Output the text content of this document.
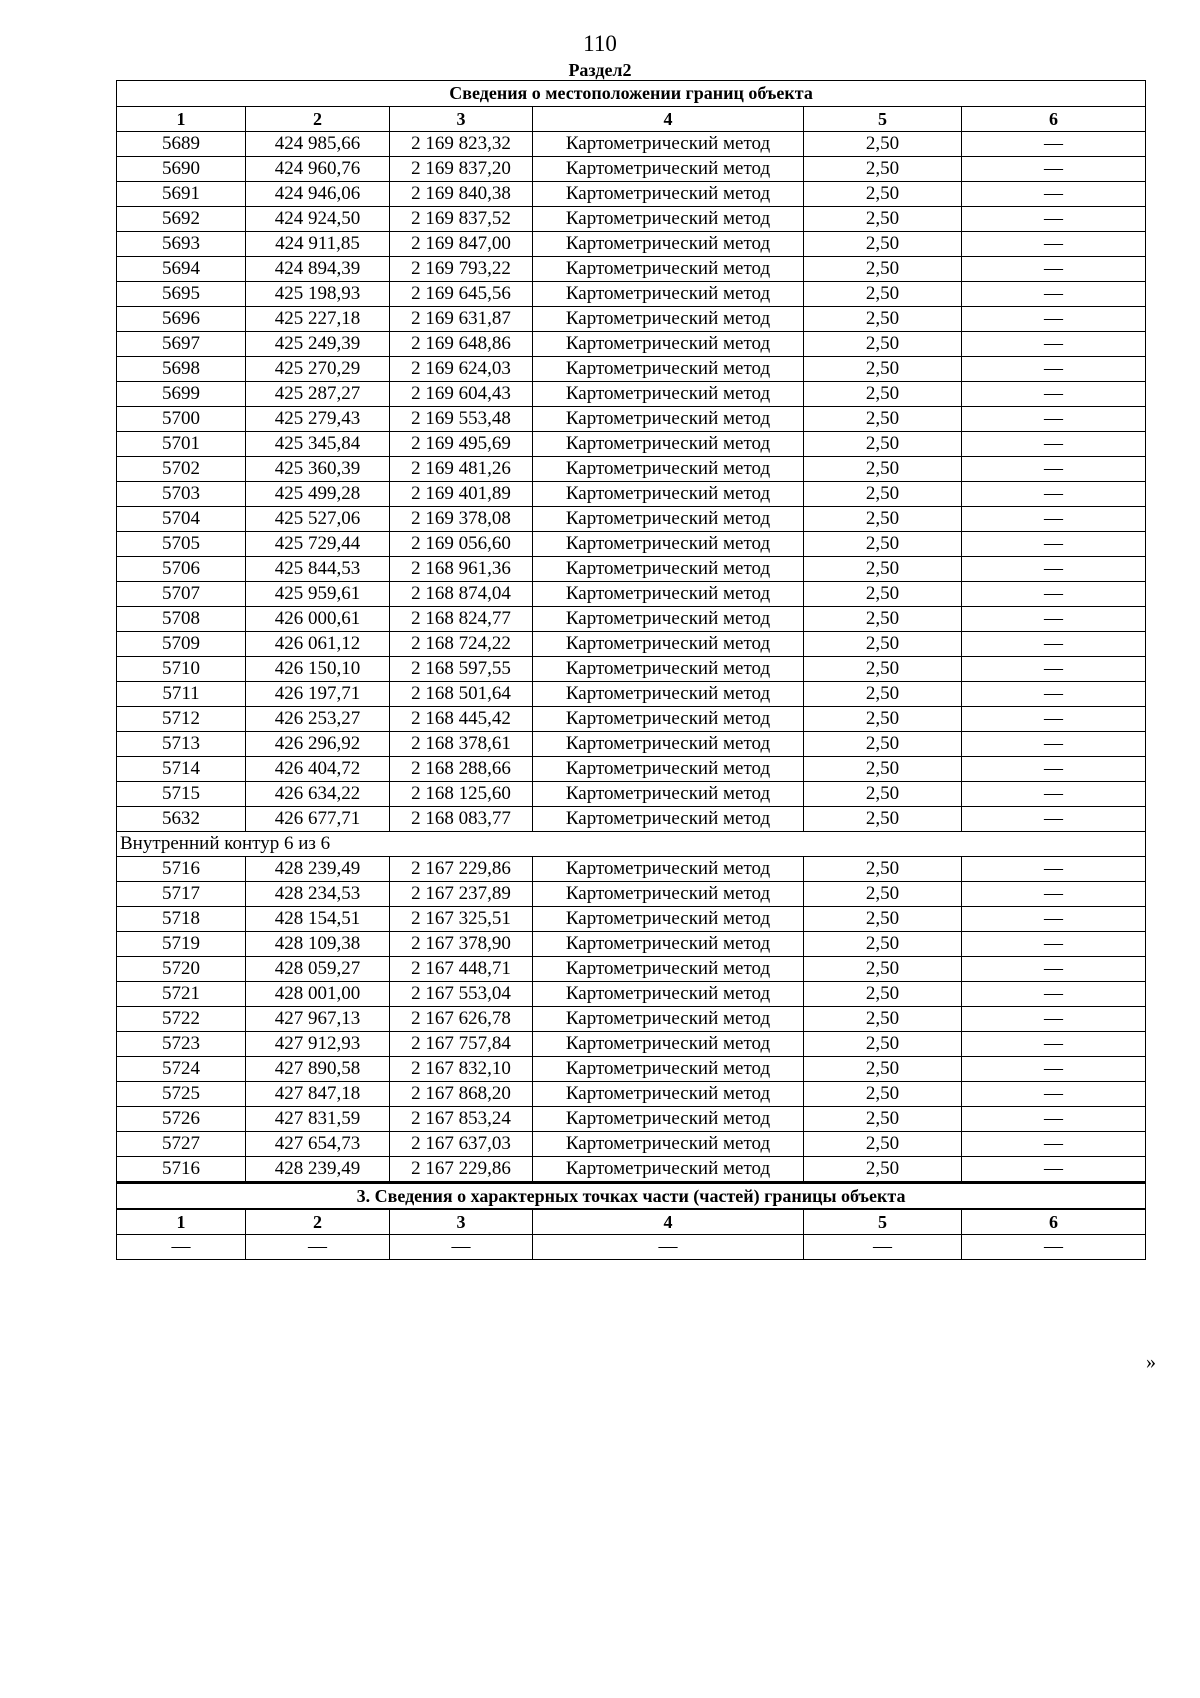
110
Раздел2
Сведения о местоположении границ объекта					
1	2	3	4	5	6
5689	424 985,66	2 169 823,32	Картометрический метод	2,50	—
5690	424 960,76	2 169 837,20	Картометрический метод	2,50	—
5691	424 946,06	2 169 840,38	Картометрический метод	2,50	—
5692	424 924,50	2 169 837,52	Картометрический метод	2,50	—
5693	424 911,85	2 169 847,00	Картометрический метод	2,50	—
5694	424 894,39	2 169 793,22	Картометрический метод	2,50	—
5695	425 198,93	2 169 645,56	Картометрический метод	2,50	—
5696	425 227,18	2 169 631,87	Картометрический метод	2,50	—
5697	425 249,39	2 169 648,86	Картометрический метод	2,50	—
5698	425 270,29	2 169 624,03	Картометрический метод	2,50	—
5699	425 287,27	2 169 604,43	Картометрический метод	2,50	—
5700	425 279,43	2 169 553,48	Картометрический метод	2,50	—
5701	425 345,84	2 169 495,69	Картометрический метод	2,50	—
5702	425 360,39	2 169 481,26	Картометрический метод	2,50	—
5703	425 499,28	2 169 401,89	Картометрический метод	2,50	—
5704	425 527,06	2 169 378,08	Картометрический метод	2,50	—
5705	425 729,44	2 169 056,60	Картометрический метод	2,50	—
5706	425 844,53	2 168 961,36	Картометрический метод	2,50	—
5707	425 959,61	2 168 874,04	Картометрический метод	2,50	—
5708	426 000,61	2 168 824,77	Картометрический метод	2,50	—
5709	426 061,12	2 168 724,22	Картометрический метод	2,50	—
5710	426 150,10	2 168 597,55	Картометрический метод	2,50	—
5711	426 197,71	2 168 501,64	Картометрический метод	2,50	—
5712	426 253,27	2 168 445,42	Картометрический метод	2,50	—
5713	426 296,92	2 168 378,61	Картометрический метод	2,50	—
5714	426 404,72	2 168 288,66	Картометрический метод	2,50	—
5715	426 634,22	2 168 125,60	Картометрический метод	2,50	—
5632	426 677,71	2 168 083,77	Картометрический метод	2,50	—
Внутренний контур 6 из 6					
5716	428 239,49	2 167 229,86	Картометрический метод	2,50	—
5717	428 234,53	2 167 237,89	Картометрический метод	2,50	—
5718	428 154,51	2 167 325,51	Картометрический метод	2,50	—
5719	428 109,38	2 167 378,90	Картометрический метод	2,50	—
5720	428 059,27	2 167 448,71	Картометрический метод	2,50	—
5721	428 001,00	2 167 553,04	Картометрический метод	2,50	—
5722	427 967,13	2 167 626,78	Картометрический метод	2,50	—
5723	427 912,93	2 167 757,84	Картометрический метод	2,50	—
5724	427 890,58	2 167 832,10	Картометрический метод	2,50	—
5725	427 847,18	2 167 868,20	Картометрический метод	2,50	—
5726	427 831,59	2 167 853,24	Картометрический метод	2,50	—
5727	427 654,73	2 167 637,03	Картометрический метод	2,50	—
5716	428 239,49	2 167 229,86	Картометрический метод	2,50	—
3. Сведения о характерных точках части (частей) границы объекта					
1	2	3	4	5	6
—	—	—	—	—	—
»
